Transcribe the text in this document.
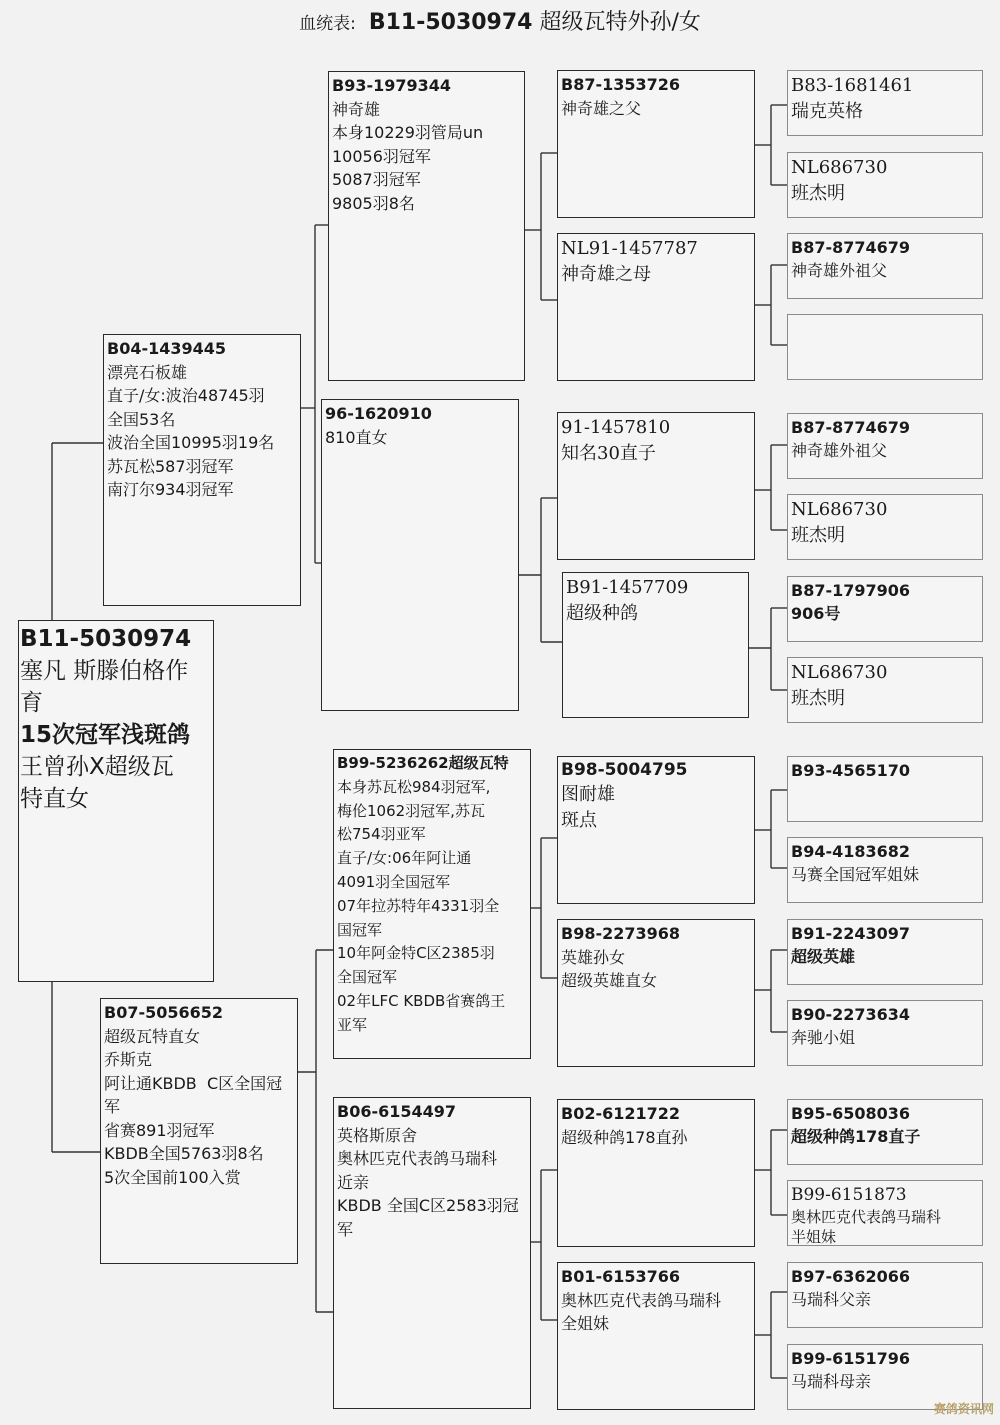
血统表: B11-5030974 超级瓦特外孙/女
B11-5030974
塞凡 斯滕伯格作
育
15次冠军浅斑鸽
王曾孙X超级瓦
特直女
B04-1439445
漂亮石板雄
直子/女:波治48745羽
全国53名
波治全国10995羽19名
苏瓦松587羽冠军
南汀尔934羽冠军
B07-5056652
超级瓦特直女
乔斯克
阿让通KBDB  C区全国冠
军
省赛891羽冠军
KBDB全国5763羽8名
5次全国前100入赏
B93-1979344
神奇雄
本身10229羽管局un
10056羽冠军
5087羽冠军
9805羽8名
96-1620910
810直女
B99-5236262超级瓦特
本身苏瓦松984羽冠军,
梅伦1062羽冠军,苏瓦
松754羽亚军
直子/女:06年阿让通
4091羽全国冠军
07年拉苏特年4331羽全
国冠军
10年阿金特C区2385羽
全国冠军
02年LFC KBDB省赛鸽王
亚军
B06-6154497
英格斯原舍
奥林匹克代表鸽马瑞科
近亲
KBDB 全国C区2583羽冠
军
B87-1353726
神奇雄之父
NL91-1457787
神奇雄之母
91-1457810
知名30直子
B91-1457709
超级种鸽
B98-5004795
图耐雄
斑点
B98-2273968
英雄孙女
超级英雄直女
B02-6121722
超级种鸽178直孙
B01-6153766
奥林匹克代表鸽马瑞科
全姐妹
B83-1681461
瑞克英格
NL686730
班杰明
B87-8774679
神奇雄外祖父
B87-8774679
神奇雄外祖父
NL686730
班杰明
B87-1797906
906号
NL686730
班杰明
B93-4565170
B94-4183682
马赛全国冠军姐妹
B91-2243097
超级英雄
B90-2273634
奔驰小姐
B95-6508036
超级种鸽178直子
B99-6151873
奥林匹克代表鸽马瑞科
半姐妹
B97-6362066
马瑞科父亲
B99-6151796
马瑞科母亲
赛鸽资讯网
